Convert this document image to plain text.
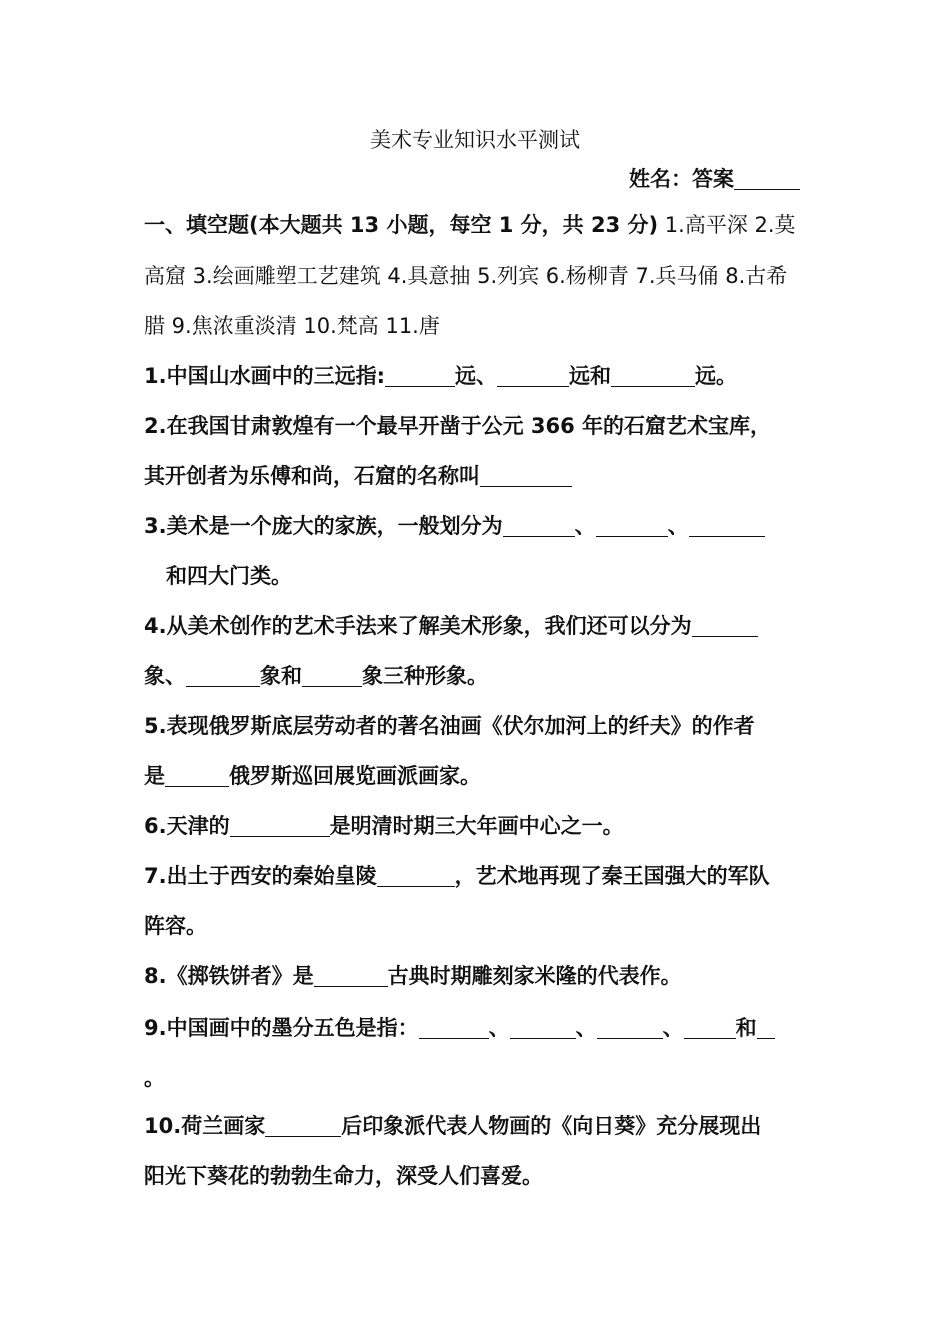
美术专业知识水平测试
姓名：答案
一、填空题(本大题共 13 小题，每空 1 分，共 23 分) 1.高平深 2.莫
高窟 3.绘画雕塑工艺建筑 4.具意抽 5.列宾 6.杨柳青 7.兵马俑 8.古希
腊 9.焦浓重淡清 10.梵高 11.唐
1.中国山水画中的三远指:	远、	远和	远。
2.在我国甘肃敦煌有一个最早开凿于公元 366 年的石窟艺术宝库，
其开创者为乐傅和尚，石窟的名称叫
3.美术是一个庞大的家族，一般划分为	、	、
和四大门类。
4.从美术创作的艺术手法来了解美术形象，我们还可以分为
象、	象和	象三种形象。
5.表现俄罗斯底层劳动者的著名油画《伏尔加河上的纤夫》的作者
是	俄罗斯巡回展览画派画家。
6.天津的	是明清时期三大年画中心之一。
7.出土于西安的秦始皇陵	，艺术地再现了秦王国强大的军队
阵容。
8.《掷铁饼者》是	古典时期雕刻家米隆的代表作。
9.中国画中的墨分五色是指：	、	、	、 和
。
10.荷兰画家	后印象派代表人物画的《向日葵》充分展现出
阳光下葵花的勃勃生命力，深受人们喜爱。
